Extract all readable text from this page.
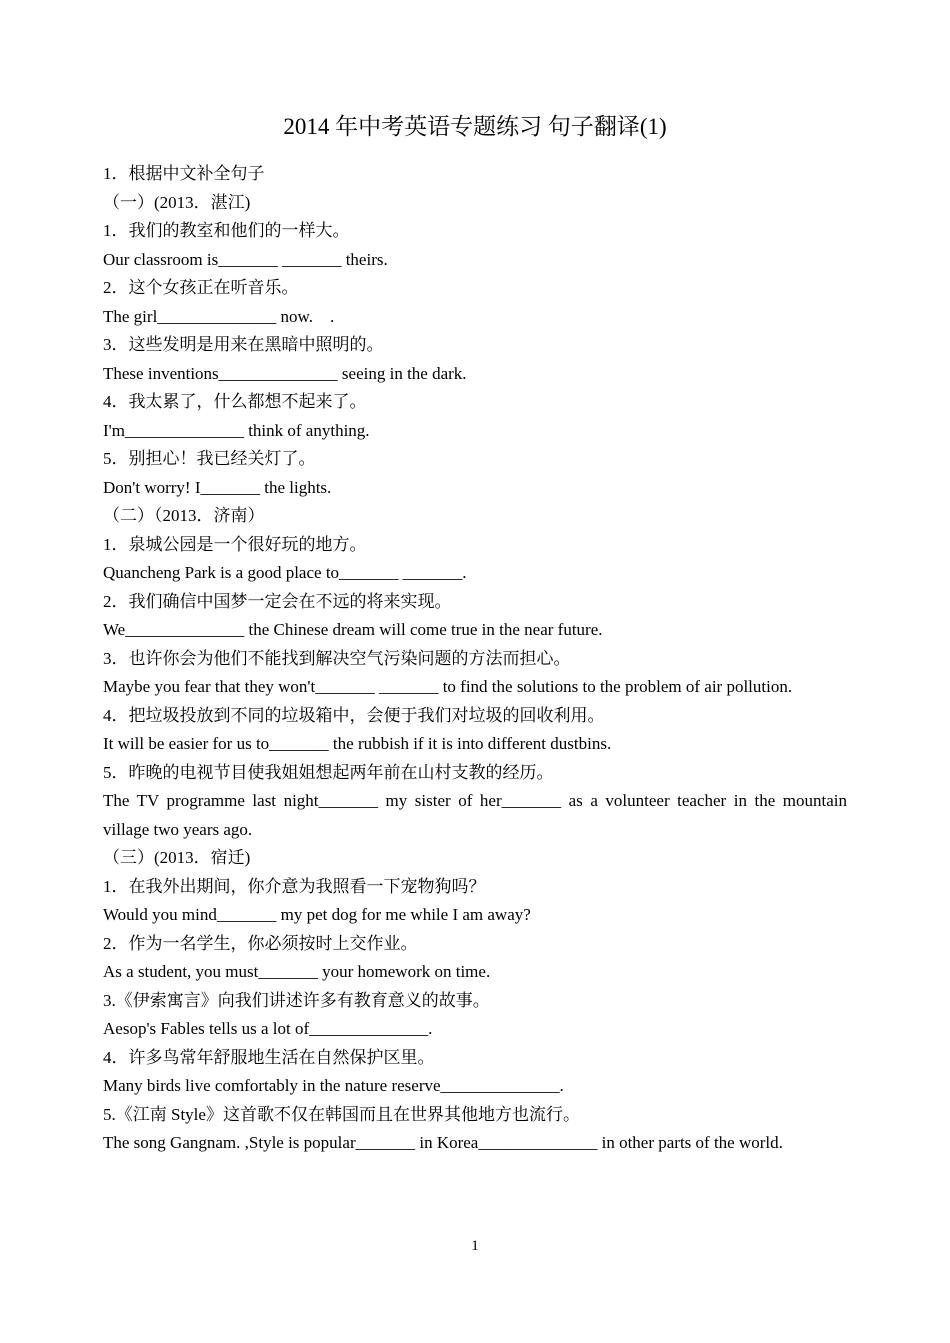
2014 年中考英语专题练习 句子翻译(1)
1．根据中文补全句子
（一）(2013．湛江)
1．我们的教室和他们的一样大。
Our classroom is_______ _______ theirs.
2．这个女孩正在听音乐。
The girl______________ now.　.
3．这些发明是用来在黑暗中照明的。
These inventions______________ seeing in the dark.
4．我太累了，什么都想不起来了。
I'm______________ think of anything.
5．别担心！我已经关灯了。
Don't worry! I_______ the lights.
（二）（2013．济南）
1．泉城公园是一个很好玩的地方。
Quancheng Park is a good place to_______ _______.
2．我们确信中国梦一定会在不远的将来实现。
We______________ the Chinese dream will come true in the near future.
3．也许你会为他们不能找到解决空气污染问题的方法而担心。
Maybe you fear that they won't_______ _______ to find the solutions to the problem of air pollution.
4．把垃圾投放到不同的垃圾箱中，会便于我们对垃圾的回收利用。
It will be easier for us to_______ the rubbish if it is into different dustbins.
5．昨晚的电视节目使我姐姐想起两年前在山村支教的经历。
The TV programme last night_______ my sister of her_______ as a volunteer teacher in the mountain village two years ago.
（三）(2013．宿迁)
1．在我外出期间，你介意为我照看一下宠物狗吗？
Would you mind_______ my pet dog for me while I am away?
2．作为一名学生，你必须按时上交作业。
As a student, you must_______ your homework on time.
3.《伊索寓言》向我们讲述许多有教育意义的故事。
Aesop's Fables tells us a lot of______________.
4．许多鸟常年舒服地生活在自然保护区里。
Many birds live comfortably in the nature reserve______________.
5.《江南 Style》这首歌不仅在韩国而且在世界其他地方也流行。
The song Gangnam. ,Style is popular_______ in Korea______________ in other parts of the world.
1
